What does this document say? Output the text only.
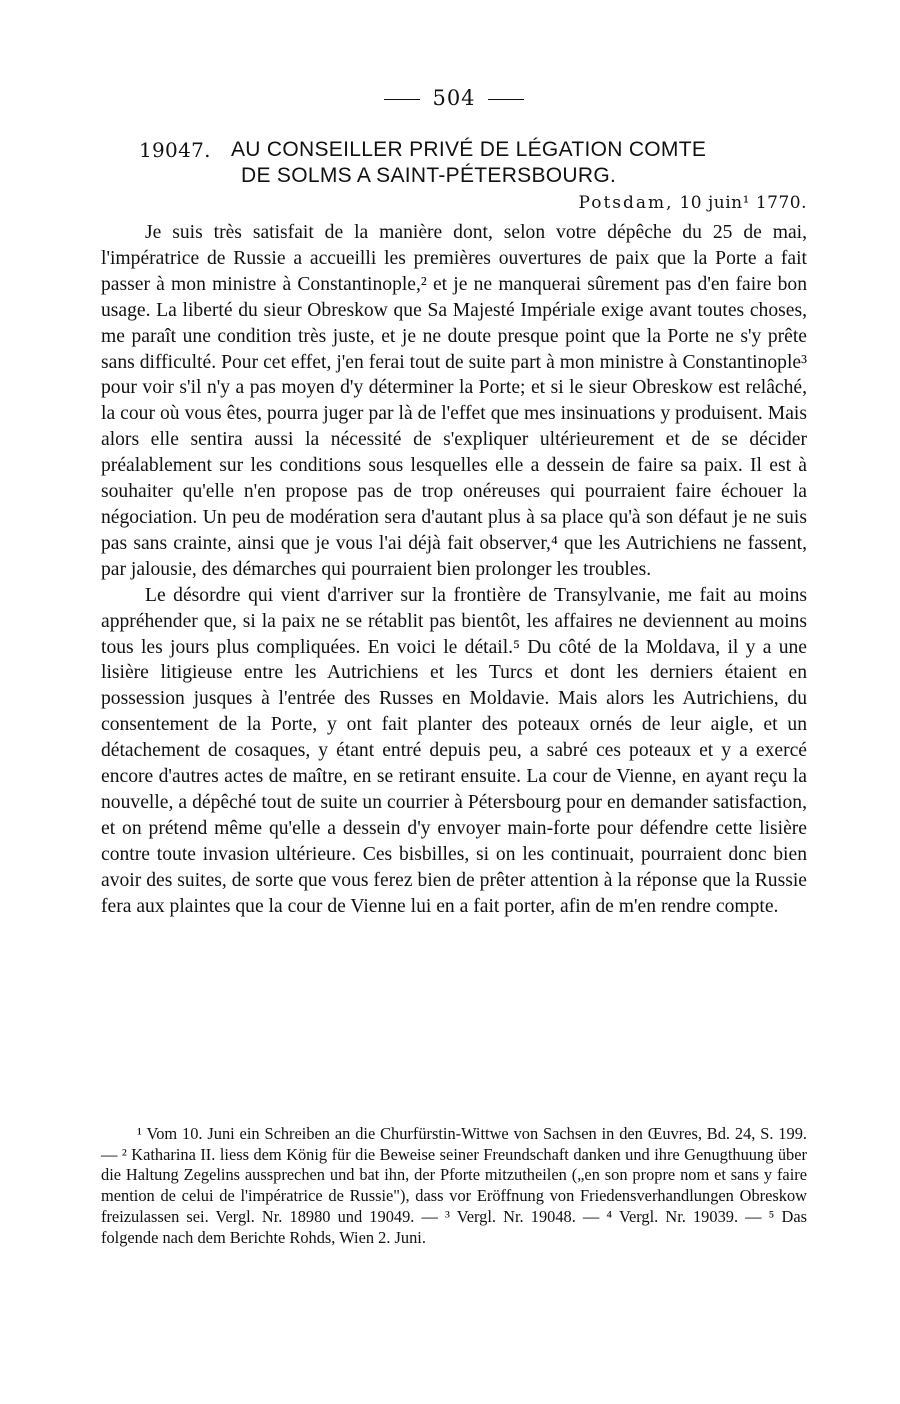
504
19047. AU CONSEILLER PRIVÉ DE LÉGATION COMTE
DE SOLMS A SAINT-PÉTERSBOURG.
Potsdam, 10 juin¹ 1770.

Je suis très satisfait de la manière dont, selon votre dépêche du 25 de mai, l'impératrice de Russie a accueilli les premières ouvertures de paix que la Porte a fait passer à mon ministre à Constantinople,² et je ne manquerai sûrement pas d'en faire bon usage. La liberté du sieur Obreskow que Sa Majesté Impériale exige avant toutes choses, me paraît une condition très juste, et je ne doute presque point que la Porte ne s'y prête sans difficulté. Pour cet effet, j'en ferai tout de suite part à mon ministre à Constantinople³ pour voir s'il n'y a pas moyen d'y déterminer la Porte; et si le sieur Obreskow est relâché, la cour où vous êtes, pourra juger par là de l'effet que mes insinuations y produisent. Mais alors elle sentira aussi la nécessité de s'expliquer ultérieurement et de se décider préalablement sur les conditions sous lesquelles elle a dessein de faire sa paix. Il est à souhaiter qu'elle n'en propose pas de trop onéreuses qui pourraient faire échouer la négociation. Un peu de modération sera d'autant plus à sa place qu'à son défaut je ne suis pas sans crainte, ainsi que je vous l'ai déjà fait observer,⁴ que les Autrichiens ne fassent, par jalousie, des démarches qui pourraient bien prolonger les troubles.

Le désordre qui vient d'arriver sur la frontière de Transylvanie, me fait au moins appréhender que, si la paix ne se rétablit pas bientôt, les affaires ne deviennent au moins tous les jours plus compliquées. En voici le détail.⁵ Du côté de la Moldava, il y a une lisière litigieuse entre les Autrichiens et les Turcs et dont les derniers étaient en possession jusques à l'entrée des Russes en Moldavie. Mais alors les Autrichiens, du consentement de la Porte, y ont fait planter des poteaux ornés de leur aigle, et un détachement de cosaques, y étant entré depuis peu, a sabré ces poteaux et y a exercé encore d'autres actes de maître, en se retirant ensuite. La cour de Vienne, en ayant reçu la nouvelle, a dépêché tout de suite un courrier à Pétersbourg pour en demander satisfaction, et on prétend même qu'elle a dessein d'y envoyer main-forte pour défendre cette lisière contre toute invasion ultérieure. Ces bisbilles, si on les continuait, pourraient donc bien avoir des suites, de sorte que vous ferez bien de prêter attention à la réponse que la Russie fera aux plaintes que la cour de Vienne lui en a fait porter, afin de m'en rendre compte.

¹ Vom 10. Juni ein Schreiben an die Churfürstin-Wittwe von Sachsen in den Œuvres, Bd. 24, S. 199. — ² Katharina II. liess dem König für die Beweise seiner Freundschaft danken und ihre Genugthuung über die Haltung Zegelins aussprechen und bat ihn, der Pforte mitzutheilen („en son propre nom et sans y faire mention de celui de l'impératrice de Russie"), dass vor Eröffnung von Friedensverhandlungen Obreskow freizulassen sei. Vergl. Nr. 18980 und 19049. — ³ Vergl. Nr. 19048. — ⁴ Vergl. Nr. 19039. — ⁵ Das folgende nach dem Berichte Rohds, Wien 2. Juni.
